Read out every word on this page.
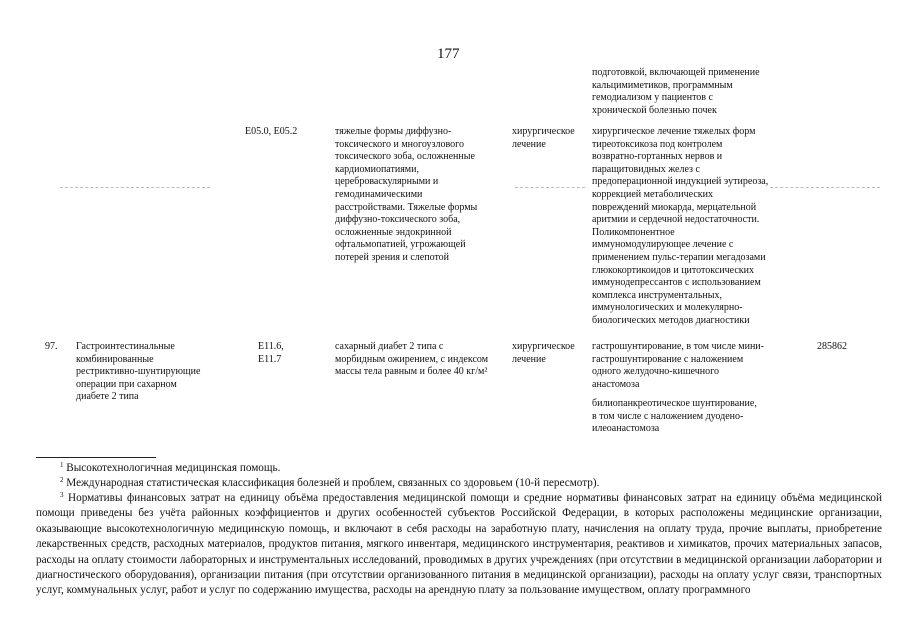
177
подготовкой, включающей применение
кальцимиметиков, программным
гемодиализом у пациентов с
хронической болезнью почек
E05.0, E05.2	тяжелые формы диффузно-
токсического и многоузлового
токсического зоба, осложненные
кардиомиопатиями,
цереброваскулярными и
гемодинамическими
расстройствами. Тяжелые формы
диффузно-токсического зоба,
осложненные эндокринной
офтальмопатией, угрожающей
потерей зрения и слепотой
хирургическое
лечение
хирургическое лечение тяжелых форм
тиреотоксикоза под контролем
возвратно-гортанных нервов и
паращитовидных желез с
предоперационной индукцией эутиреоза,
коррекцией метаболических
повреждений миокарда, мерцательной
аритмии и сердечной недостаточности.
Поликомпонентное
иммуномодулирующее лечение с
применением пульс-терапии мегадозами
глюкокортикоидов и цитотоксических
иммунодепрессантов с использованием
комплекса инструментальных,
иммунологических и молекулярно-
биологических методов диагностики
97. Гастроинтестинальные
комбинированные
рестриктивно-шунтирующие
операции при сахарном
диабете 2 типа
E11.6,
E11.7
сахарный диабет 2 типа с
морбидным ожирением, с индексом
массы тела равным и более 40 кг/м²
хирургическое
лечение
гастрошунтирование, в том числе мини-
гастрошунтирование с наложением
одного желудочно-кишечного
анастомоза
билиопанкреотическое шунтирование,
в том числе с наложением дуодено-
илеоанастомоза
285862
$^1$ Высокотехнологичная медицинская помощь.
$^2$ Международная статистическая классификация болезней и проблем, связанных со здоровьем (10-й пересмотр).
$^3$ Нормативы финансовых затрат на единицу объёма предоставления медицинской помощи и средние нормативы финансовых затрат на единицу объёма медицинской помощи приведены без учёта районных коэффициентов и других особенностей субъектов Российской Федерации, в которых расположены медицинские организации, оказывающие высокотехнологичную медицинскую помощь, и включают в себя расходы на заработную плату, начисления на оплату труда, прочие выплаты, приобретение лекарственных средств, расходных материалов, продуктов питания, мягкого инвентаря, медицинского инструментария, реактивов и химикатов, прочих материальных запасов, расходы на оплату стоимости лабораторных и инструментальных исследований, проводимых в других учреждениях (при отсутствии в медицинской организации лаборатории и диагностического оборудования), организации питания (при отсутствии организованного питания в медицинской организации), расходы на оплату услуг связи, транспортных услуг, коммунальных услуг, работ и услуг по содержанию имущества, расходы на арендную плату за пользование имуществом, оплату программного
